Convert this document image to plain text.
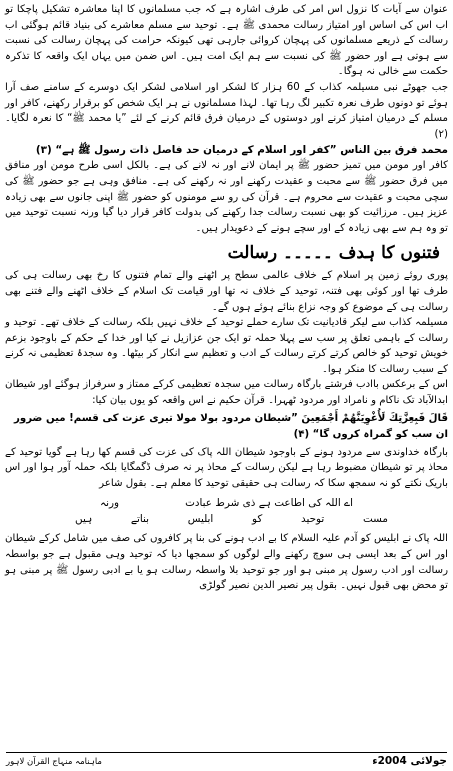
عنوان سے آیات کا نزول اس امر کی طرف اشارہ ہے کہ جب مسلمانوں کا اپنا معاشرہ تشکیل پاچکا تو اب اس کی اساس اور امتیاز رسالت محمدی ﷺ ہے۔ توحید سے مسلم معاشرے کی بنیاد قائم ہوگئی اب رسالت کے ذریعے مسلمانوں کی پہچان کروائی جارہی تھی کیونکہ حرامت کی پہچان رسالت کی نسبت سے ہوتی ہے اور حضور ﷺ کی نسبت سے ہم ایک امت ہیں۔ اس ضمن میں یہاں ایک واقعہ کا تذکرہ حکمت سے خالی نہ ہوگا۔

جب جھوٹے نبی مسیلمہ کذاب کے 60 ہزار کا لشکر اور اسلامی لشکر ایک دوسرے کے سامنے صف آرا ہوئے تو دونوں طرف نعرہ تکبیر لگ رہا تھا۔ لہذا مسلمانوں نے ہر ایک شخص کو برقرار رکھنے، کافر اور مسلم کے درمیان امتیاز کرنے اور دوستوں کے درمیان فرق قائم کرنے کے لئے ”یا محمد ﷺ“ کا نعرہ لگایا۔ (۲)

محمد فرق بین الناس ”کفر اور اسلام کے درمیان حد فاصل ذات رسول ﷺ ہے“ (۳)

کافر اور مومن میں تمیز حضور ﷺ پر ایمان لانے اور نہ لانے کی ہے۔ بالکل اسی طرح مومن اور منافق میں فرق حضور ﷺ سے محبت و عقیدت رکھنے اور نہ رکھنے کی ہے۔ منافق وہی ہے جو حضور ﷺ کی سچی محبت و عقیدت سے محروم ہے۔ قرآن کی رو سے مومنوں کو حضور ﷺ اپنی جانوں سے بھی زیادہ عزیز ہیں۔ مرزائیت کو بھی نسبت رسالت جدا رکھنے کی بدولت کافر قرار دیا گیا ورنہ نسبت توحید میں تو وہ ہم سے بھی زیادہ کے اور سچے ہونے کے دعویدار ہیں۔

فتنوں کا ہدف ۔۔۔۔۔ رسالت

پوری روئے زمین پر اسلام کے خلاف عالمی سطح پر اٹھنے والے تمام فتنوں کا رخ بھی رسالت ہی کی طرف تھا اور کوئی بھی فتنہ، توحید کے خلاف نہ تھا اور قیامت تک اسلام کے خلاف اٹھنے والے فتنے بھی رسالت ہی کے موضوع کو وجہ نزاع بنائے ہوئے ہوں گے۔

مسیلمہ کذاب سے لیکر قادیانیت تک سارے حملے توحید کے خلاف نہیں بلکہ رسالت کے خلاف تھے۔ توحید و رسالت کے باہمی تعلق پر سب سے پہلا حملہ تو ایک جن عزازیل نے کیا اور خدا کے حکم کے باوجود بزعم خویش توحید کو خالص کرتے کرتے رسالت کے ادب و تعظیم سے انکار کر بیٹھا۔ وہ سجدۂ تعظیمی نہ کرنے کے سبب رسالت کا منکر ہوا۔

اس کے برعکس باادب فرشتے بارگاہ رسالت میں سجدہ تعظیمی کرکے ممتاز و سرفراز ہوگئے اور شیطان ابدالآباد تک ناکام و نامراد اور مردود ٹھہرا۔ قرآن حکیم نے اس واقعہ کو یوں بیان کیا:

قَالَ فَبِعِزَّتِكَ لَأُغْوِيَنَّهُمْ أَجْمَعِينَ ”شیطان مردود بولا مولا تیری عزت کی قسم! میں ضرور ان سب کو گمراہ کروں گا“ (۴)

بارگاہ خداوندی سے مردود ہونے کے باوجود شیطان اللہ پاک کی عزت کی قسم کھا رہا ہے گویا توحید کے محاذ پر تو شیطان مضبوط رہا ہے لیکن رسالت کے محاذ پر نہ صرف ڈگمگایا بلکہ حملہ آور ہوا اور اس باریک نکتے کو نہ سمجھ سکا کہ رسالت ہی حقیقی توحید کا معلم ہے۔ بقول شاعر

اے اللہ کی اطاعت ہے ذی شرط عبادت
ورنہ
مست
توحید
کو
ابلیس
بناتے
ہیں

اللہ پاک نے ابلیس کو آدم علیہ السلام کا بے ادب ہونے کی بنا پر کافروں کی صف میں شامل کرکے شیطان اور اس کے بعد ایسی ہی سوچ رکھنے والے لوگوں کو سمجھا دیا کہ توحید وہی مقبول ہے جو بواسطہ رسالت اور ادب رسول پر مبنی ہو اور جو توحید بلا واسطہ رسالت ہو یا بے ادبی رسول ﷺ پر مبنی ہو تو محض بھی قبول نہیں۔ بقول پیر نصیر الدین نصیر گولڑی

ماہنامہ منہاج القرآن لاہور	جولائی 2004ء
